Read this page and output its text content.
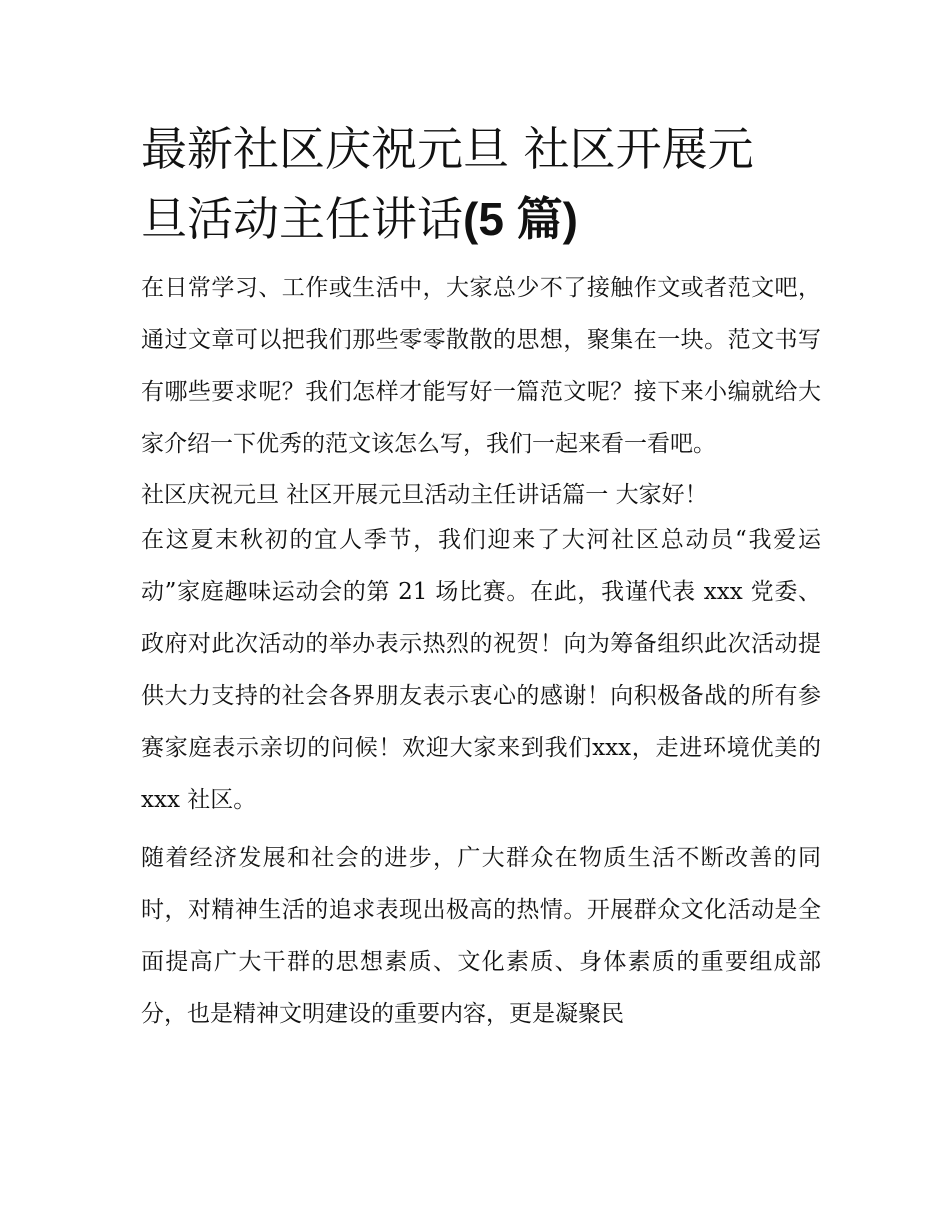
最新社区庆祝元旦 社区开展元
旦活动主任讲话(5 篇)

在日常学习、工作或生活中，大家总少不了接触作文或者范文吧，通过文章可以把我们那些零零散散的思想，聚集在一块。范文书写有哪些要求呢？我们怎样才能写好一篇范文呢？接下来小编就给大家介绍一下优秀的范文该怎么写，我们一起来看一看吧。

社区庆祝元旦 社区开展元旦活动主任讲话篇一 大家好！

在这夏末秋初的宜人季节，我们迎来了大河社区总动员“我爱运动”家庭趣味运动会的第 21 场比赛。在此，我谨代表 xxx 党委、政府对此次活动的举办表示热烈的祝贺！向为筹备组织此次活动提供大力支持的社会各界朋友表示衷心的感谢！向积极备战的所有参赛家庭表示亲切的问候！欢迎大家来到我们xxx，走进环境优美的 xxx 社区。

随着经济发展和社会的进步，广大群众在物质生活不断改善的同时，对精神生活的追求表现出极高的热情。开展群众文化活动是全面提高广大干群的思想素质、文化素质、身体素质的重要组成部分，也是精神文明建设的重要内容，更是凝聚民
